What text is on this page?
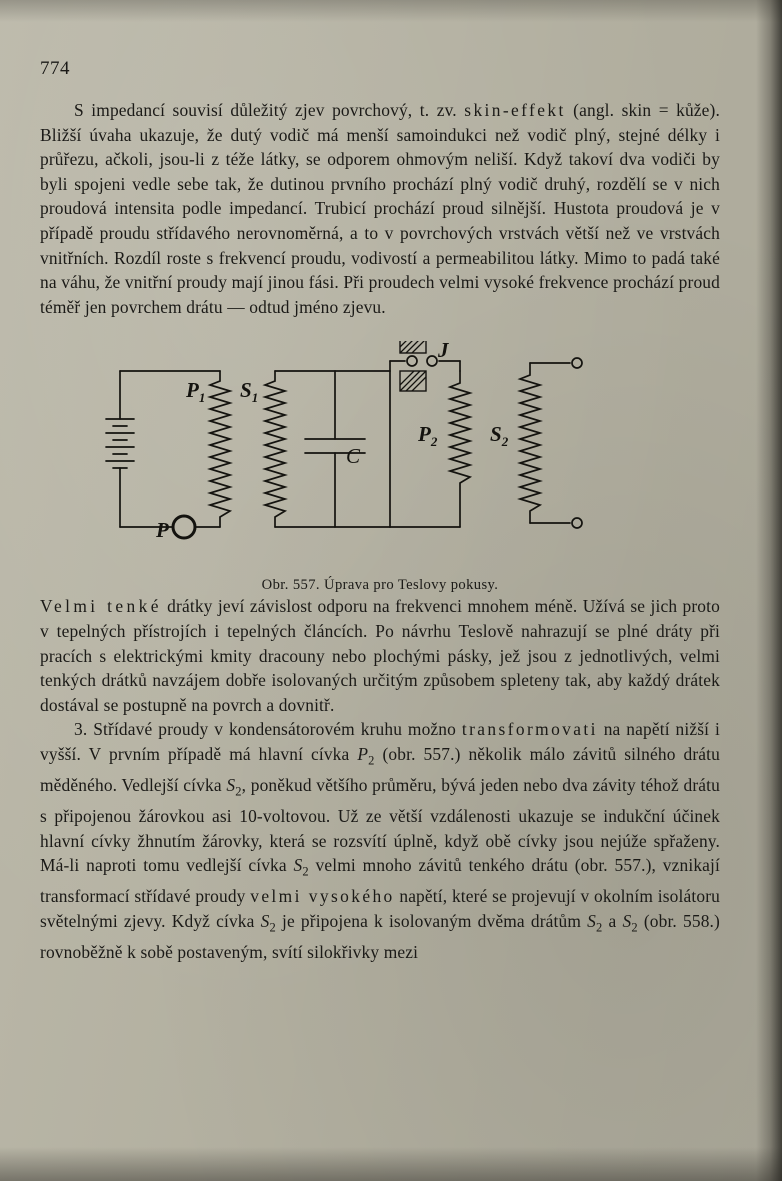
774

S impedancí souvisí důležitý zjev povrchový, t. zv. skin-effekt (angl. skin = kůže). Bližší úvaha ukazuje, že dutý vodič má menší samoindukci než vodič plný, stejné délky i průřezu, ačkoli, jsou-li z téže látky, se odporem ohmovým neliší. Když takoví dva vodiči by byli spojeni vedle sebe tak, že dutinou prvního prochází plný vodič druhý, rozdělí se v nich proudová intensita podle impedancí. Trubicí prochází proud silnější. Hustota proudová je v případě proudu střídavého nerovnoměrná, a to v povrchových vrstvách větší než ve vrstvách vnitřních. Rozdíl roste s frekvencí proudu, vodivostí a permeabilitou látky. Mimo to padá také na váhu, že vnitřní proudy mají jinou fási. Při proudech velmi vysoké frekvence prochází proud téměř jen povrchem drátu — odtud jméno zjevu.

$P_1$ $S_1$
$P_2$	$S_2$
C
J
P
Obr. 557. Úprava pro Teslovy pokusy.

Velmi tenké drátky jeví závislost odporu na frekvenci mnohem méně. Užívá se jich proto v tepelných přístrojích i tepelných článcích. Po návrhu Teslově nahrazují se plné dráty při pracích s elektrickými kmity dracouny nebo plochými pásky, jež jsou z jednotlivých, velmi tenkých drátků navzájem dobře isolovaných určitým způsobem spleteny tak, aby každý drátek dostával se postupně na povrch a dovnitř.

3. Střídavé proudy v kondensátorovém kruhu možno transformovati na napětí nižší i vyšší. V prvním případě má hlavní cívka $P_2$ (obr. 557.) několik málo závitů silného drátu měděného. Vedlejší cívka $S_2$, poněkud většího průměru, bývá jeden nebo dva závity téhož drátu s připojenou žárovkou asi 10-voltovou. Už ze větší vzdálenosti ukazuje se indukční účinek hlavní cívky žhnutím žárovky, která se rozsvítí úplně, když obě cívky jsou nejúže spřaženy. Má-li naproti tomu vedlejší cívka $S_2$ velmi mnoho závitů tenkého drátu (obr. 557.), vznikají transformací střídavé proudy velmi vysokého napětí, které se projevují v okolním isolátoru světelnými zjevy. Když cívka $S_2$ je připojena k isolovaným dvěma drátům $S_2$ a $S_2$ (obr. 558.) rovnoběžně k sobě postaveným, svítí silokřivky mezi
